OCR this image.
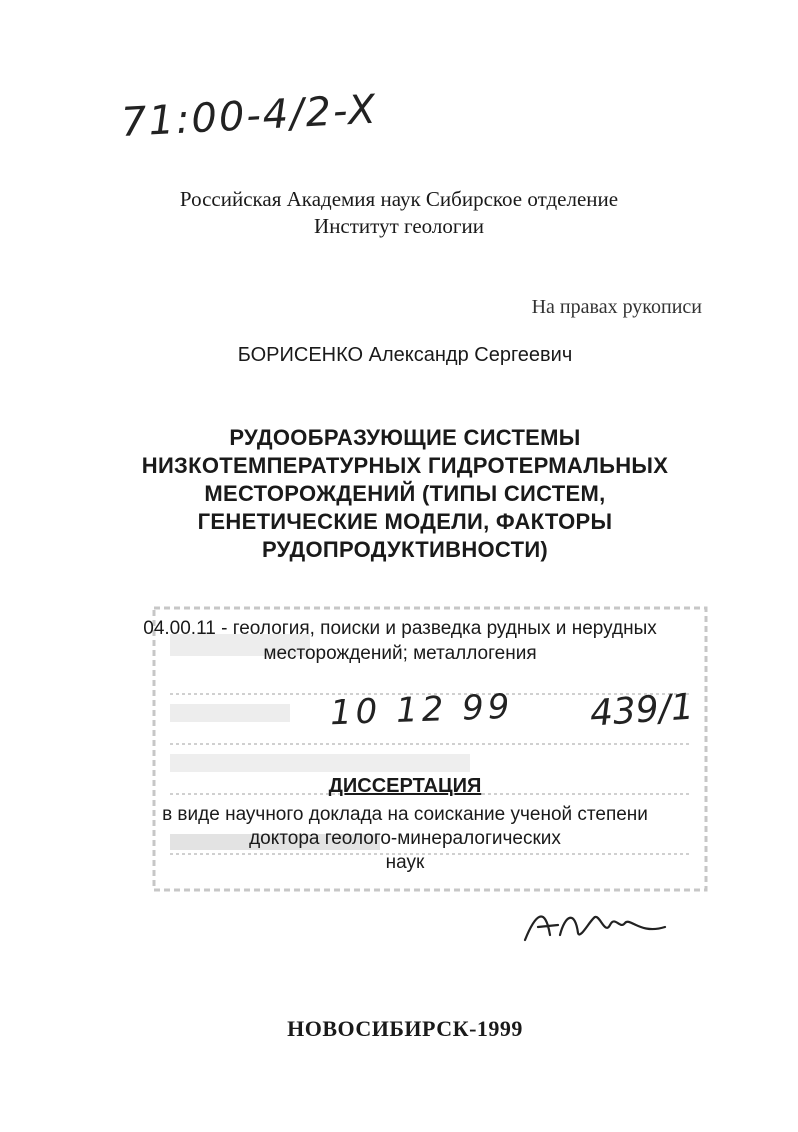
71:00-4/2-X
Российская Академия наук Сибирское отделение
Институт геологии
На правах рукописи
БОРИСЕНКО Александр Сергеевич
РУДООБРАЗУЮЩИЕ СИСТЕМЫ
НИЗКОТЕМПЕРАТУРНЫХ ГИДРОТЕРМАЛЬНЫХ
МЕСТОРОЖДЕНИЙ (ТИПЫ СИСТЕМ,
ГЕНЕТИЧЕСКИЕ МОДЕЛИ, ФАКТОРЫ
РУДОПРОДУКТИВНОСТИ)
04.00.11 - геология, поиски и разведка рудных и нерудных
месторождений; металлогения
10 12 99 439/1
ДИССЕРТАЦИЯ
в виде научного доклада на соискание ученой степени
доктора геолого-минералогических
наук
НОВОСИБИРСК-1999
